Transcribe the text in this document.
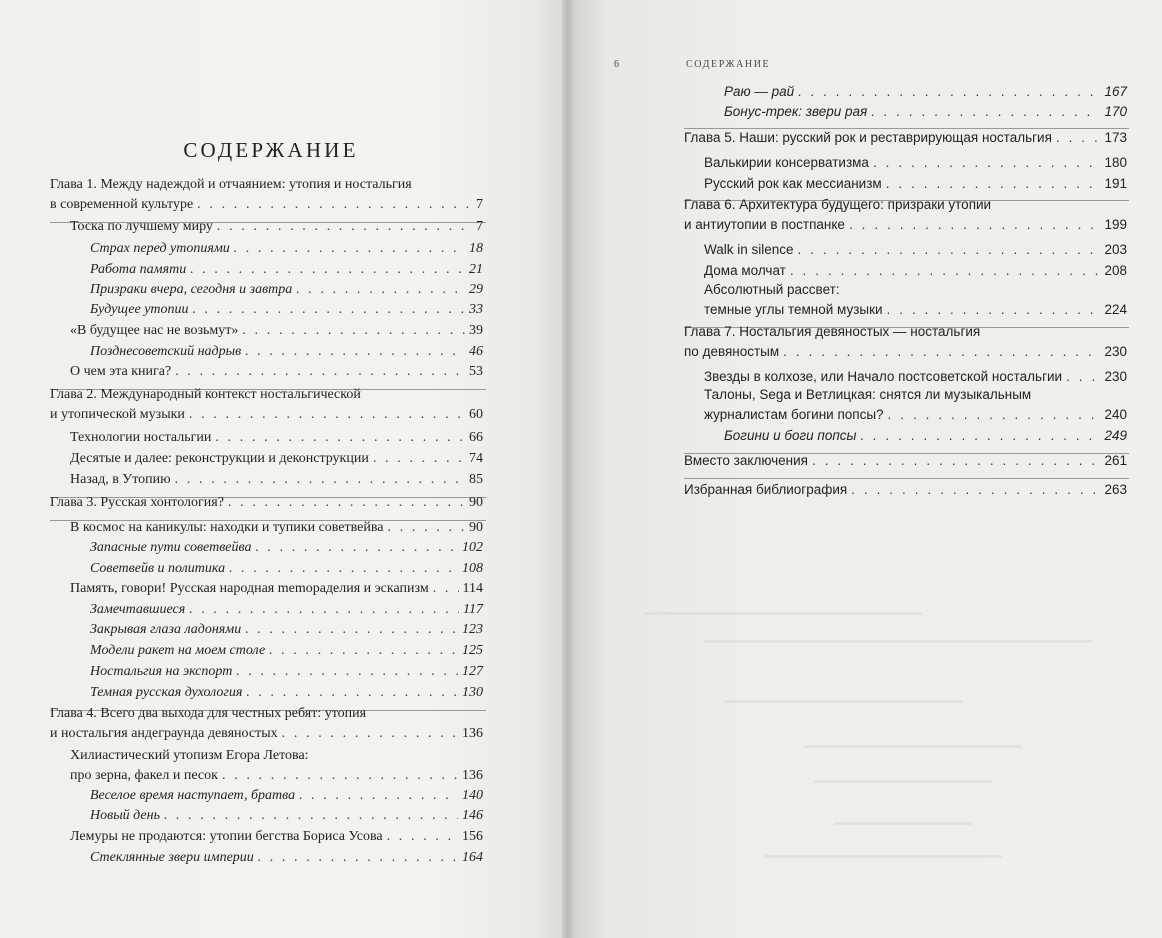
СОДЕРЖАНИЕ
Глава 1. Между надеждой и отчаянием: утопия и ностальгия
в современной культуре . . .	7
Тоска по лучшему миру . . .	7
Страх перед утопиями . . .	18
Работа памяти . . .	21
Призраки вчера, сегодня и завтра . . .	29
Будущее утопии . . .	33
«В будущее нас не возьмут» . . .	39
Позднесоветский надрыв . . .	46
О чем эта книга? . . .	53
Глава 2. Международный контекст ностальгической
и утопической музыки . . .	60
Технологии ностальгии . . .	66
Десятые и далее: реконструкции и деконструкции . . .	74
Назад, в Утопию . . .	85
Глава 3. Русская хонтология? . . .	90
В космос на каникулы: находки и тупики советвейва . . .	90
Запасные пути советвейва . . .	102
Советвейв и политика . . .	108
Память, говори! Русская народная memoраделия и эскапизм . . . 114
Замечтавшиеся . . .	117
Закрывая глаза ладонями . . .	123
Модели ракет на моем столе . . .	125
Ностальгия на экспорт . . .	127
Темная русская духология . . .	130
Глава 4. Всего два выхода для честных ребят: утопия
и ностальгия андеграунда девяностых . . .	136
Хилиастический утопизм Егора Летова:
про зерна, факел и песок . . .	136
Веселое время наступает, братва . . .	140
Новый день . . .	146
Лемуры не продаются: утопии бегства Бориса Усова . . .	156
Стеклянные звери империи . . .	164
6	СОДЕРЖАНИЕ
Раю — рай . . .	167
Бонус-трек: звери рая . . .	170
Глава 5. Наши: русский рок и реставрирующая ностальгия . . .	173
Валькирии консерватизма . . .	180
Русский рок как мессианизм . . .	191
Глава 6. Архитектура будущего: призраки утопии
и антиутопии в постпанке . . .	199
Walk in silence . . .	203
Дома молчат . . .	208
Абсолютный рассвет:
темные углы темной музыки . . .	224
Глава 7. Ностальгия девяностых — ностальгия
по девяностым . . .	230
Звезды в колхозе, или Начало постсоветской ностальгии . . .	230
Талоны, Sega и Ветлицкая: снятся ли музыкальным
журналистам богини попсы? . . .	240
Богини и боги попсы . . .	249
Вместо заключения . . .	261
Избранная библиография . . .	263
